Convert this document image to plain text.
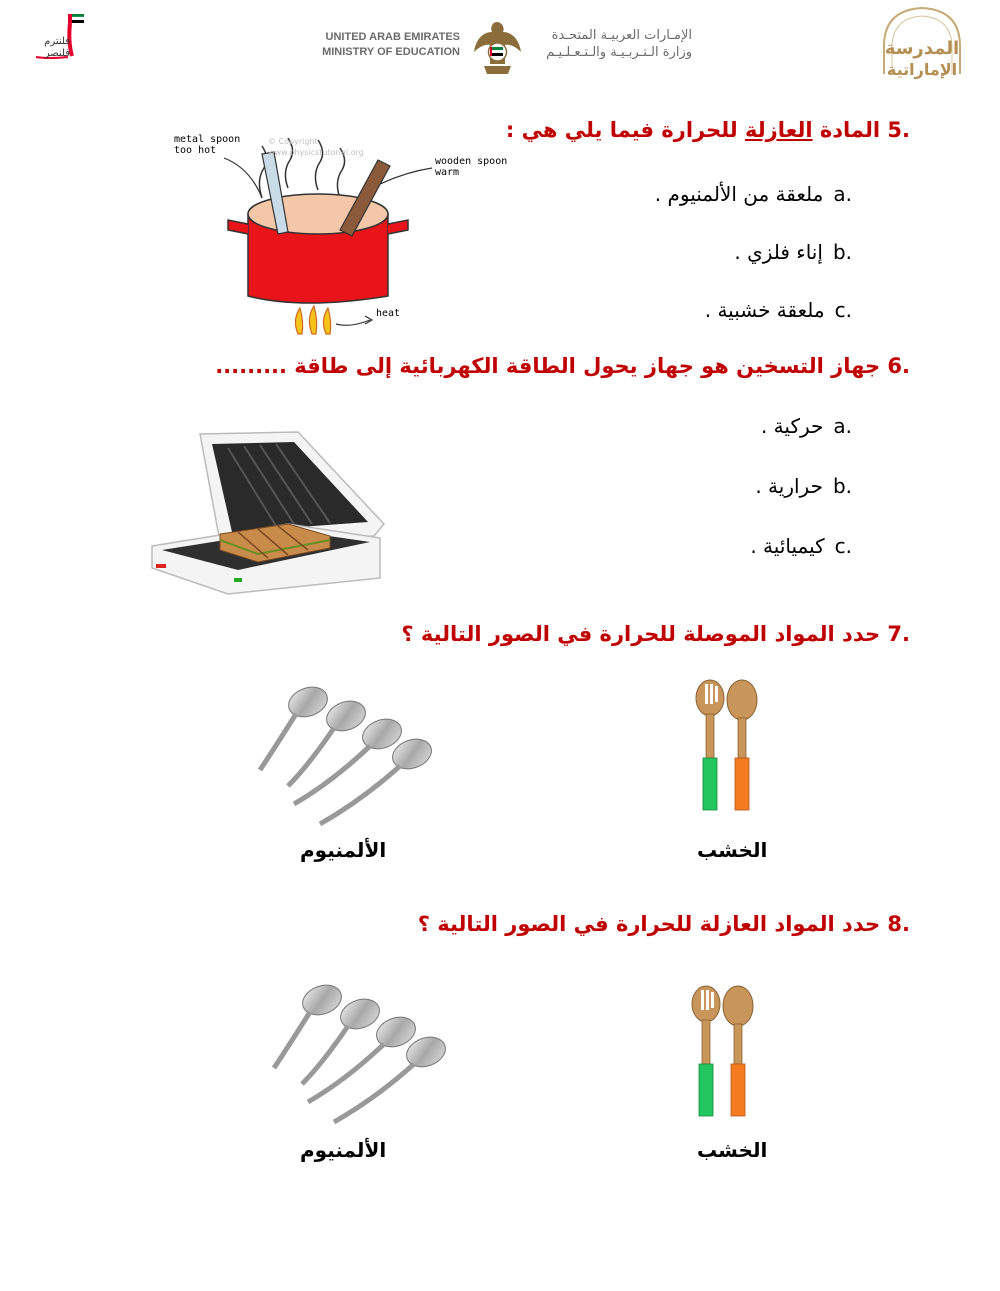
فلنترم
فلنصر
UNITED ARAB EMIRATES
MINISTRY OF EDUCATION
الإمـارات العربيـة المتحـدة
وزارة الـتـربـيـة والـتـعـلـيـم	المدرسة
الإماراتية
5. المادة العازلة للحرارة فيما يلي هي :
a.ملعقة من الألمنيوم .
b.إناء فلزي .
c.ملعقة خشبية .
metal spoon
too hot
wooden spoon
warm
heat
© Copyright
www.physicstutorial.org
6. جهاز التسخين هو جهاز يحول الطاقة الكهربائية إلى طاقة .........
a.حركية .
b.حرارية .
c.كيميائية .
7. حدد المواد الموصلة للحرارة في الصور التالية ؟
الألمنيوم	الخشب
8. حدد المواد العازلة للحرارة في الصور التالية ؟
الألمنيوم	الخشب
